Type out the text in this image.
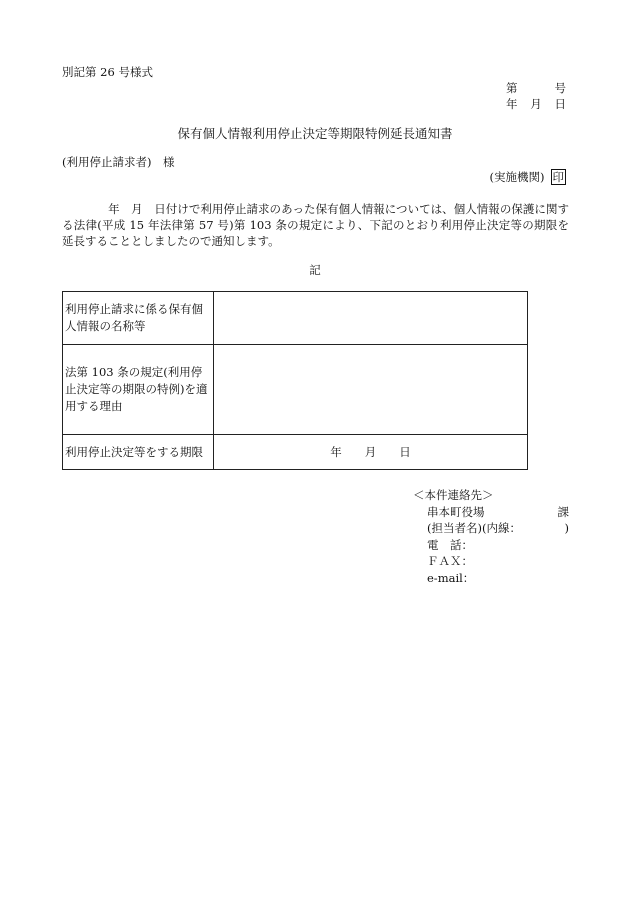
別記第 26 号様式
第	号
年 月 日
保有個人情報利用停止決定等期限特例延長通知書
(利用停止請求者)　様
(実施機関) 印
　　　　年　月　日付けで利用停止請求のあった保有個人情報については、個人情報の保護に関する法律(平成 15 年法律第 57 号)第 103 条の規定により、下記のとおり利用停止決定等の期限を延長することとしましたので通知します。
記
利用停止請求に係る保有個人情報の名称等	
法第 103 条の規定(利用停止決定等の期限の特例)を適用する理由	
利用停止決定等をする期限	年　　月　　日
＜本件連絡先＞
串本町役場	課
(担当者名)(内線：	)
電　話：
ＦＡＸ：
e-mail：
